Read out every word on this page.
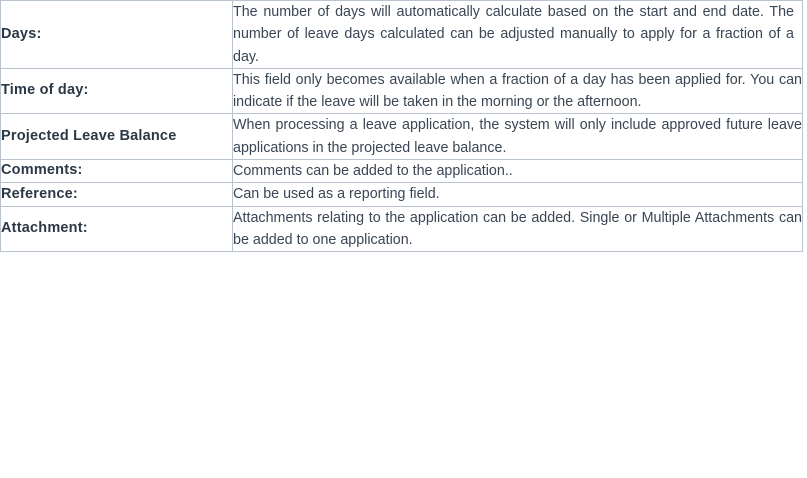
Days:	The number of days will automatically calculate based on the start and end date. The number of leave days calculated can be adjusted manually to apply for a fraction of a day.
Time of day:	This field only becomes available when a fraction of a day has been applied for. You can indicate if the leave will be taken in the morning or the afternoon.
Projected Leave Balance	When processing a leave application, the system will only include approved future leave applications in the projected leave balance.
Comments:	Comments can be added to the application..
Reference:	Can be used as a reporting field.
Attachment:	Attachments relating to the application can be added. Single or Multiple Attachments can be added to one application.
